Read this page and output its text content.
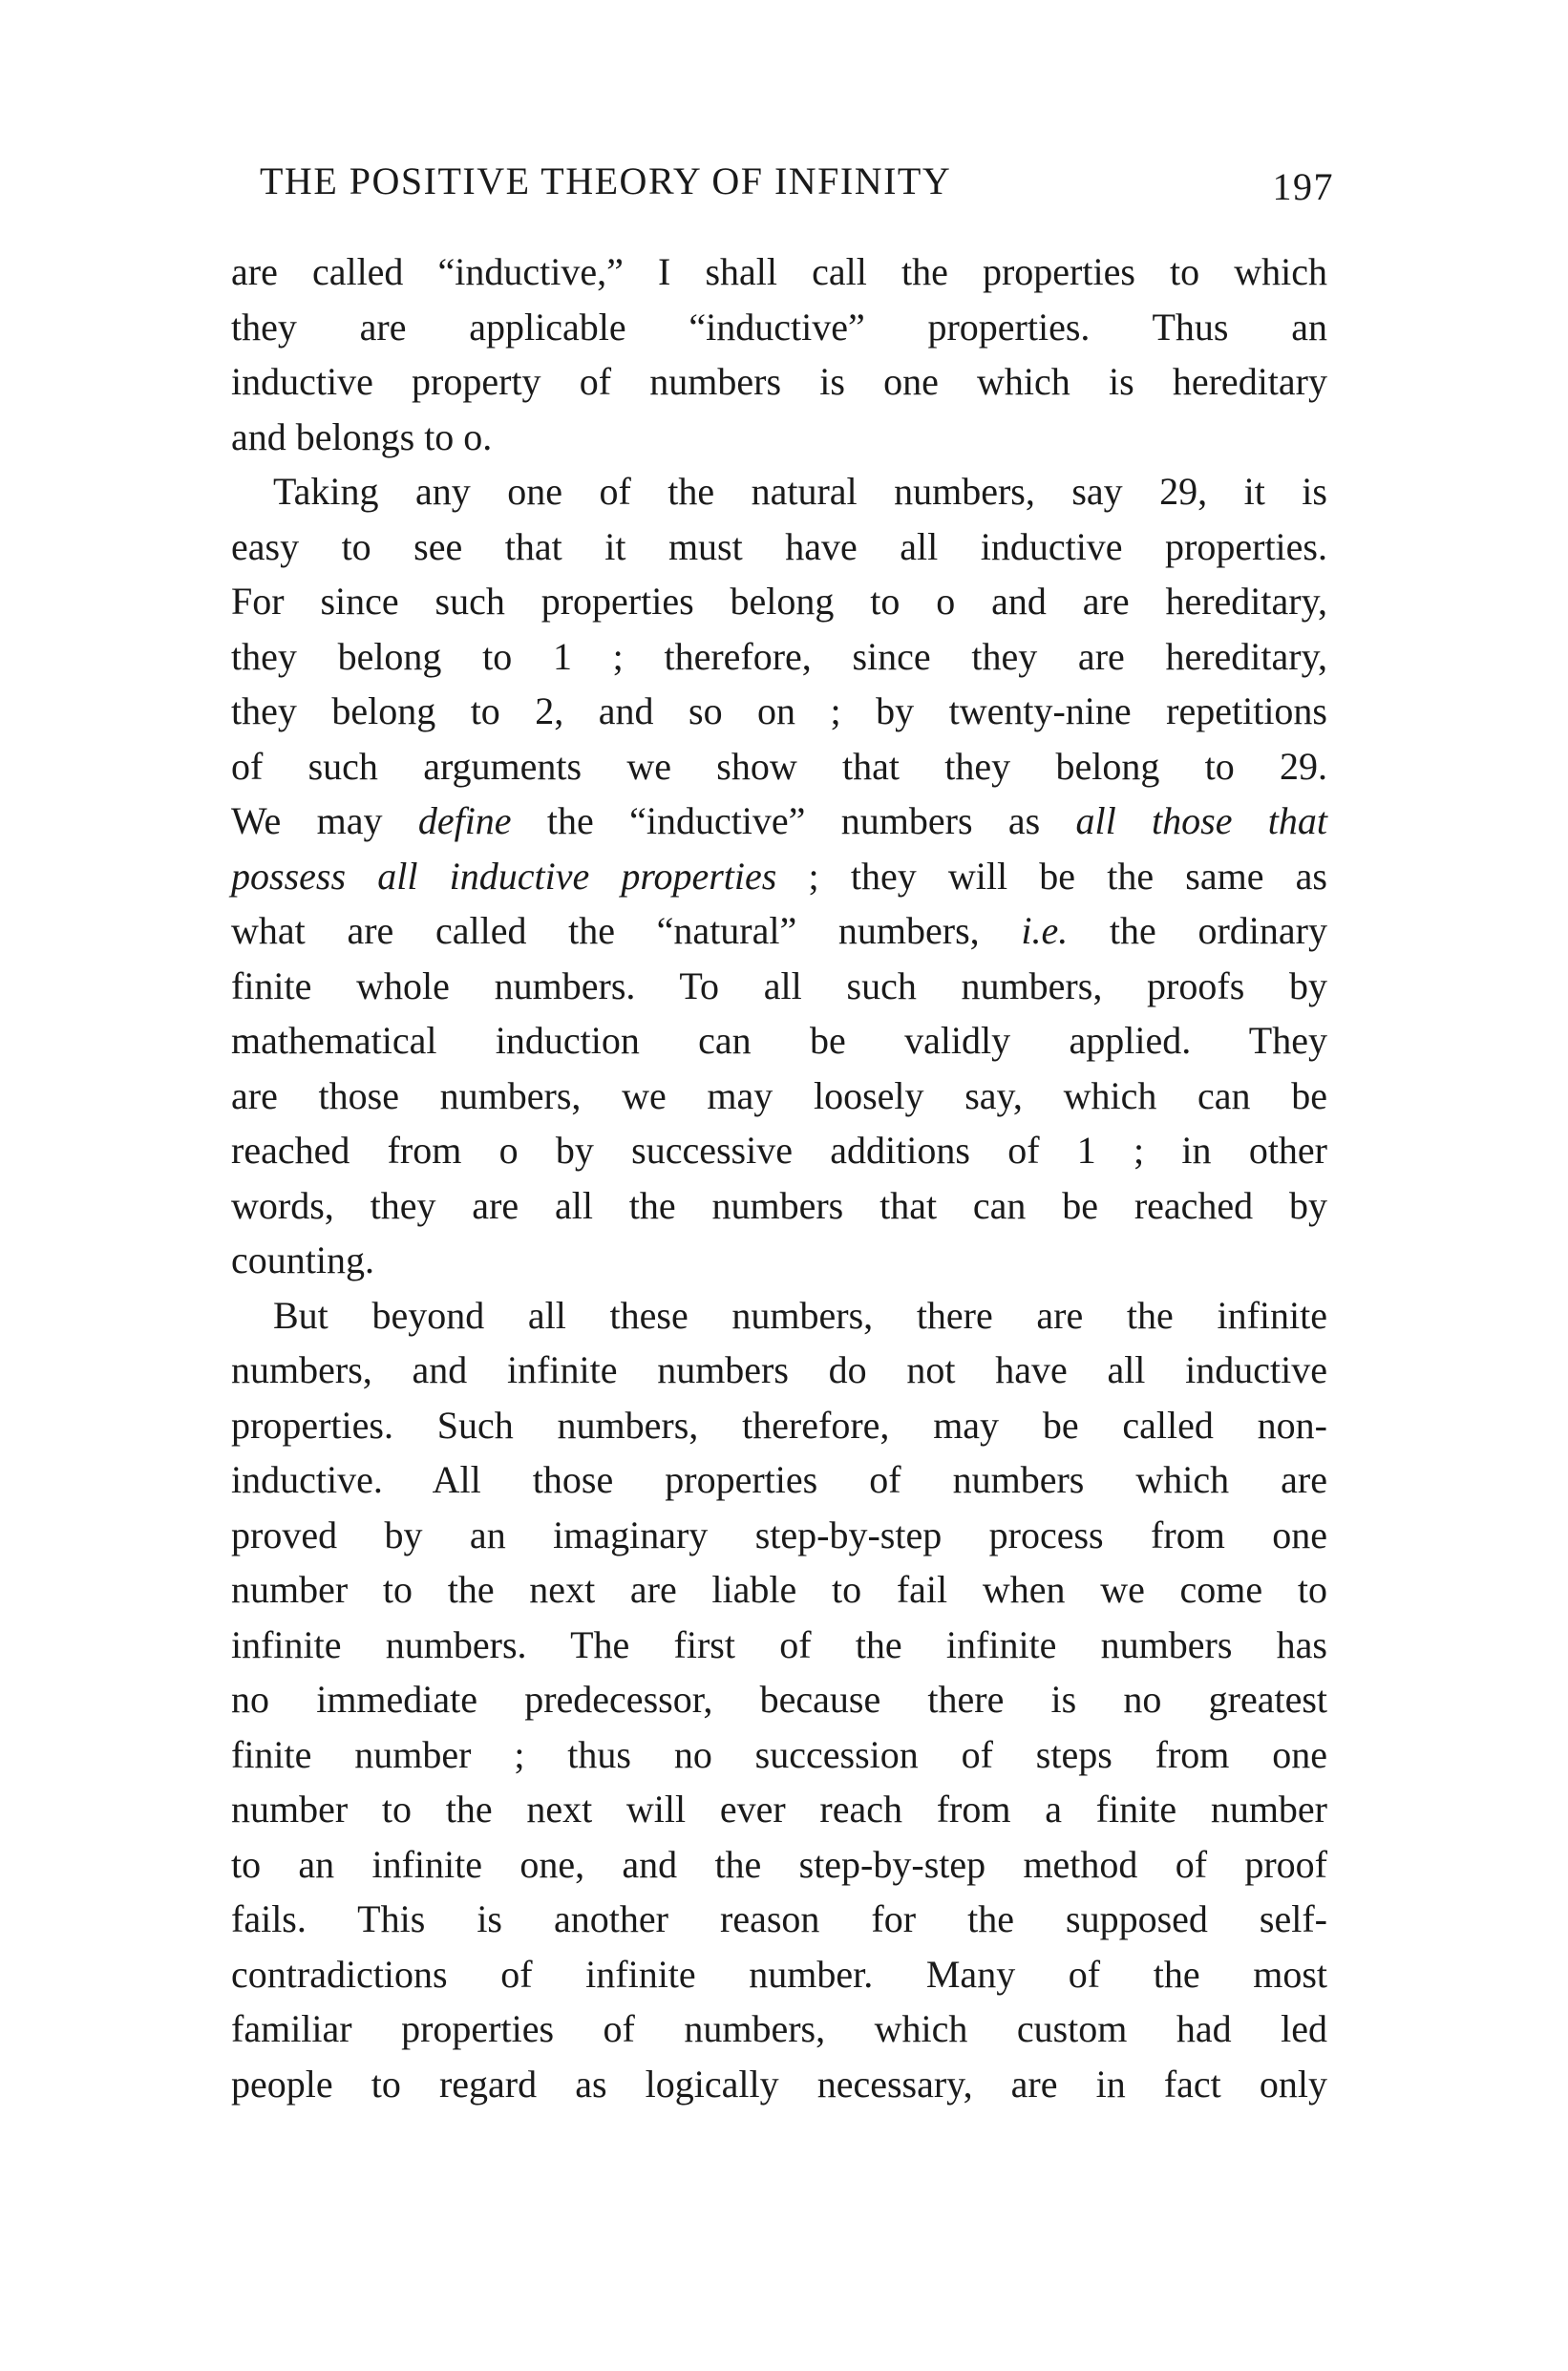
THE POSITIVE THEORY OF INFINITY	197
are called “inductive,” I shall call the properties to which
they are applicable “inductive” properties. Thus an
inductive property of numbers is one which is hereditary
and belongs to o.
Taking any one of the natural numbers, say 29, it is
easy to see that it must have all inductive properties.
For since such properties belong to o and are hereditary,
they belong to 1 ; therefore, since they are hereditary,
they belong to 2, and so on ; by twenty-nine repetitions
of such arguments we show that they belong to 29.
We may define the “inductive” numbers as all those that
possess all inductive properties ; they will be the same as
what are called the “natural” numbers, i.e. the ordinary
finite whole numbers. To all such numbers, proofs by
mathematical induction can be validly applied. They
are those numbers, we may loosely say, which can be
reached from o by successive additions of 1 ; in other
words, they are all the numbers that can be reached by
counting.
But beyond all these numbers, there are the infinite
numbers, and infinite numbers do not have all inductive
properties. Such numbers, therefore, may be called non-
inductive. All those properties of numbers which are
proved by an imaginary step-by-step process from one
number to the next are liable to fail when we come to
infinite numbers. The first of the infinite numbers has
no immediate predecessor, because there is no greatest
finite number ; thus no succession of steps from one
number to the next will ever reach from a finite number
to an infinite one, and the step-by-step method of proof
fails. This is another reason for the supposed self-
contradictions of infinite number. Many of the most
familiar properties of numbers, which custom had led
people to regard as logically necessary, are in fact only
